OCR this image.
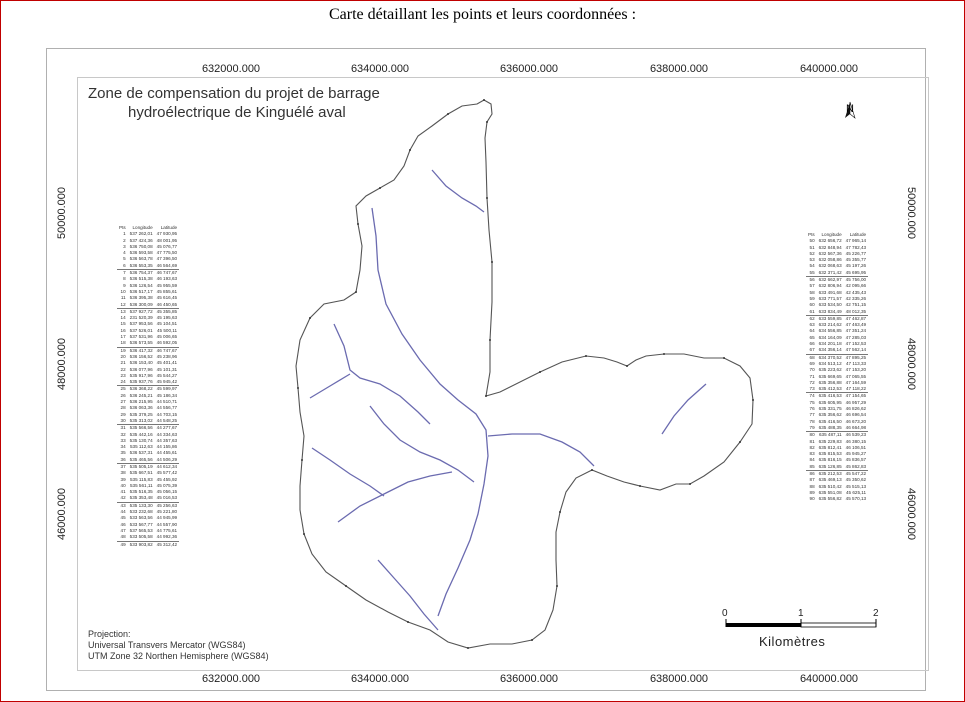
Carte détaillant les points et leurs coordonnées :
632000.000	634000.000	636000.000	638000.000	640000.000
632000.000	634000.000	636000.000	638000.000	640000.000
50000.000
48000.000
46000.000
50000.000
48000.000
46000.000
Zone de compensation du projet de barrage
hydroélectrique de Kinguélé aval	N
0	1	2
Kilomètres
Projection:
Universal Transvers Mercator (WGS84)
UTM Zone 32 Northen Hemisphere (WGS84)
Pts	Longitude	Latitude
1	537 262,01	47 930,95
2	537 424,36	48 001,95
3	536 750,08	45 076,77
4	536 593,58	47 775,50
5	536 563,78	47 396,50
6	536 553,35	46 564,69
7	536 754,37	46 747,67
8	536 515,38	46 193,63
9	536 126,54	45 955,59
10	536 517,17	45 855,61
11	536 395,38	45 616,45
12	536 300,09	46 450,65
13	537 927,72	45 355,85
14	231 520,39	45 195,63
15	537 953,56	45 104,51
16	537 526,01	45 500,11
17	537 531,96	45 006,65
18	536 573,55	46 592,05
19	536 417,32	46 747,67
20	536 156,52	45 238,96
21	536 153,40	45 401,41
22	536 077,96	45 101,31
23	535 917,96	45 544,27
24	535 937,76	45 945,42
25	536 368,22	45 599,97
26	536 245,21	45 186,34
27	536 215,95	44 510,71
28	536 063,36	44 556,77
29	535 379,25	44 703,15
30	535 313,02	44 548,25
31	535 566,56	44 277,67
32	535 442,16	44 334,63
33	535 130,74	44 357,63
34	535 112,63	44 155,86
35	536 537,31	44 455,61
36	535 465,56	44 506,29
37	535 505,19	44 612,34
38	535 667,51	45 577,42
39	535 115,83	45 455,92
40	535 561,11	45 075,39
41	535 516,35	45 056,15
42	535 353,48	45 016,53
43	535 133,30	45 256,63
44	533 232,68	45 221,80
45	533 563,56	44 945,99
46	533 567,77	44 557,90
47	537 565,53	44 775,61
48	533 505,58	44 992,36
49	533 903,82	45 312,42
Pts	Longitude	Latitude
50	632 656,72	47 965,14
51	632 848,94	47 782,43
52	632 567,36	45 226,77
53	632 058,86	45 355,77
54	632 068,63	45 197,26
55	632 371,42	45 695,95
56	632 662,97	45 756,00
57	632 806,94	42 095,66
58	633 491,68	42 435,43
59	633 771,57	42 335,26
60	633 534,50	42 751,15
61	633 834,49	48 012,35
62	633 559,85	47 462,87
63	633 214,62	47 463,49
64	634 556,85	47 351,24
65	634 164,09	47 285,03
66	634 201,18	47 152,53
67	634 356,14	47 562,14
68	634 370,52	47 895,25
69	634 513,12	47 113,33
70	635 223,62	47 153,20
71	635 669,65	47 065,55
72	635 356,88	47 164,59
73	635 412,53	47 118,22
74	635 416,53	47 154,65
75	635 605,95	46 957,29
76	635 331,75	46 826,62
77	635 356,62	46 696,54
78	635 416,50	46 673,20
79	635 488,35	46 664,98
80	635 487,11	46 539,23
81	635 229,83	46 380,15
82	635 812,41	46 106,51
83	635 815,53	45 945,27
84	635 816,15	45 836,57
85	635 126,85	45 862,83
86	635 212,53	45 547,22
87	635 469,13	45 350,62
88	635 510,42	45 515,13
89	635 551,08	45 625,11
90	635 556,82	45 570,13
